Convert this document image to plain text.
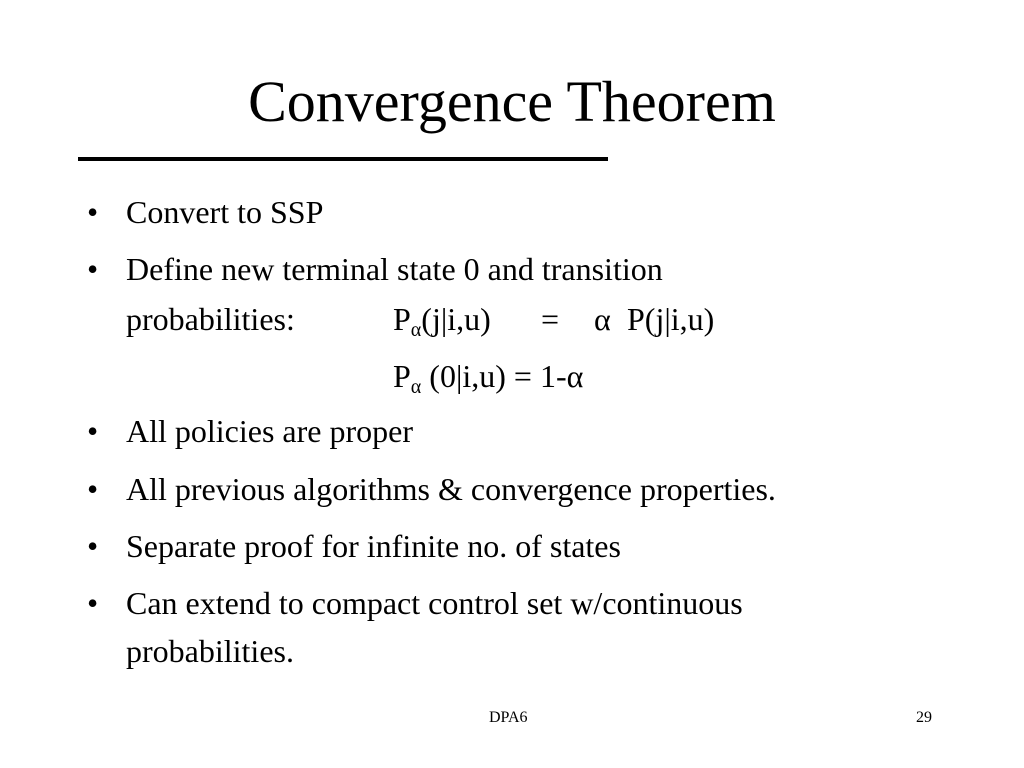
Convergence Theorem
• Convert to SSP
• Define new terminal state 0 and transition
probabilities:	$P_\alpha(j|i,u) = \alpha$ P(j|i,u)
$P_\alpha$ (0|i,u) = 1-α
• All policies are proper
• All previous algorithms & convergence properties.
• Separate proof for infinite no. of states
• Can extend to compact control set w/continuous
probabilities.
DPA6	29
